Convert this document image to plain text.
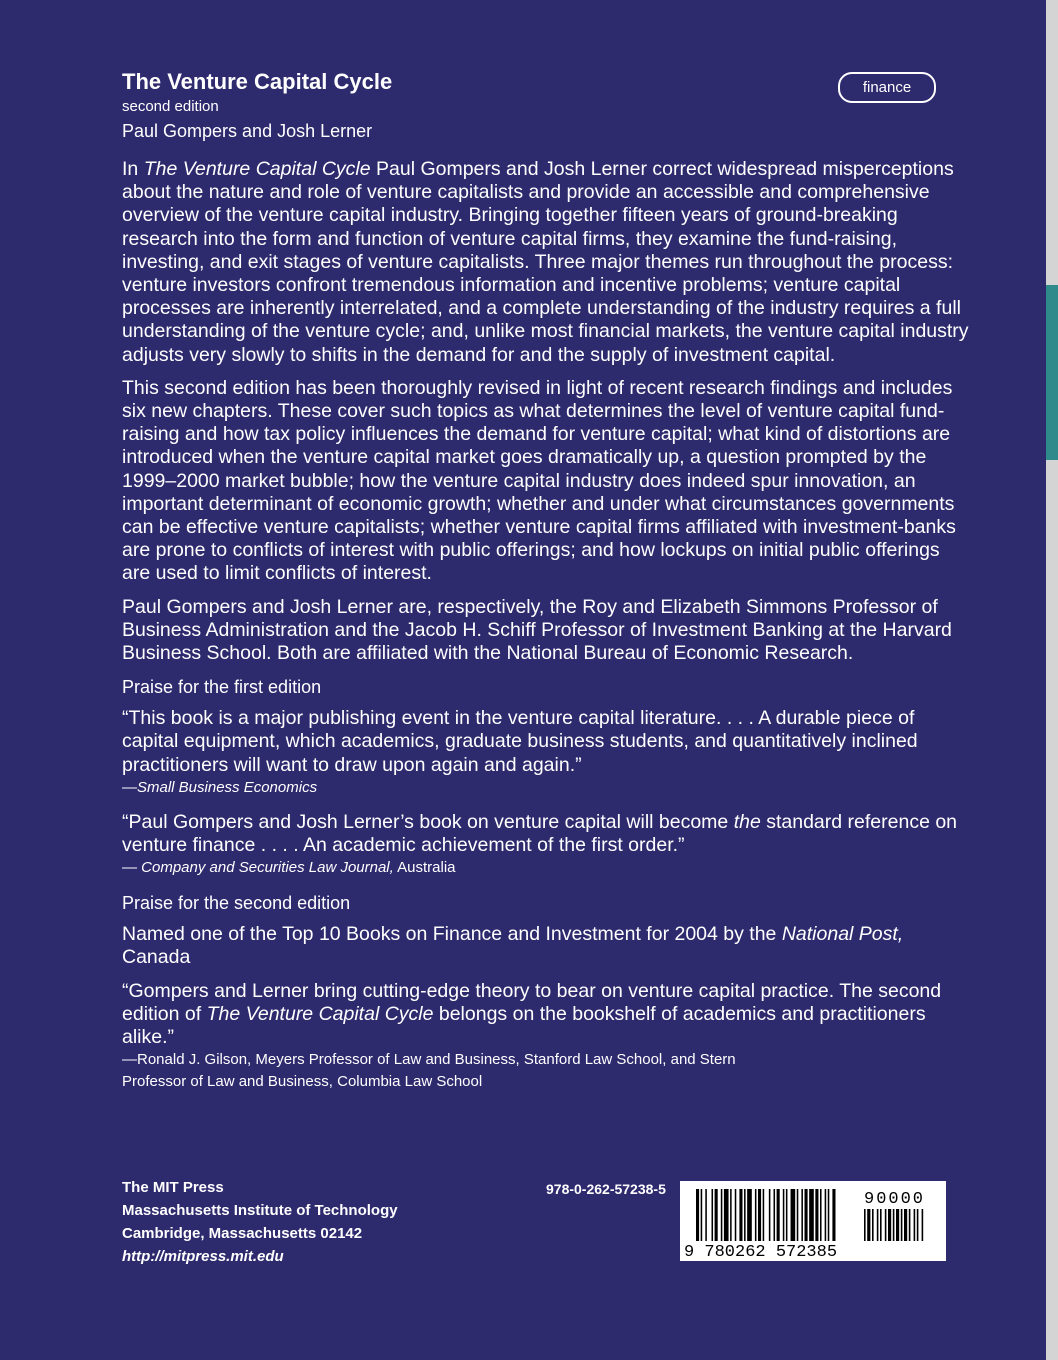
finance
The Venture Capital Cycle
second edition
Paul Gompers and Josh Lerner

In The Venture Capital Cycle Paul Gompers and Josh Lerner correct widespread misperceptions about the nature and role of venture capitalists and provide an accessible and comprehensive overview of the venture capital industry. Bringing together fifteen years of ground-breaking research into the form and function of venture capital firms, they examine the fund-raising, investing, and exit stages of venture capitalists. Three major themes run throughout the process: venture investors confront tremendous information and incentive problems; venture capital processes are inherently interrelated, and a complete understanding of the industry requires a full understanding of the venture cycle; and, unlike most financial markets, the venture capital industry adjusts very slowly to shifts in the demand for and the supply of investment capital.

This second edition has been thoroughly revised in light of recent research findings and includes six new chapters. These cover such topics as what determines the level of venture capital fund-raising and how tax policy influences the demand for venture capital; what kind of distortions are introduced when the venture capital market goes dramatically up, a question prompted by the 1999–2000 market bubble; how the venture capital industry does indeed spur innovation, an important determinant of economic growth; whether and under what circumstances governments can be effective venture capitalists; whether venture capital firms affiliated with investment-banks are prone to conflicts of interest with public offerings; and how lockups on initial public offerings are used to limit conflicts of interest.

Paul Gompers and Josh Lerner are, respectively, the Roy and Elizabeth Simmons Professor of Business Administration and the Jacob H. Schiff Professor of Investment Banking at the Harvard Business School. Both are affiliated with the National Bureau of Economic Research.

Praise for the first edition

“This book is a major publishing event in the venture capital literature. . . . A durable piece of capital equipment, which academics, graduate business students, and quantitatively inclined practitioners will want to draw upon again and again.”

—Small Business Economics

“Paul Gompers and Josh Lerner’s book on venture capital will become the standard reference on venture finance . . . . An academic achievement of the first order.”

— Company and Securities Law Journal, Australia

Praise for the second edition

Named one of the Top 10 Books on Finance and Investment for 2004 by the National Post, Canada

“Gompers and Lerner bring cutting-edge theory to bear on venture capital practice. The second edition of The Venture Capital Cycle belongs on the bookshelf of academics and practitioners alike.”

—Ronald J. Gilson, Meyers Professor of Law and Business, Stanford Law School, and Stern

Professor of Law and Business, Columbia Law School

The MIT Press
Massachusetts Institute of Technology
Cambridge, Massachusetts 02142
http://mitpress.mit.edu
978-0-262-57238-5
90000
9 780262 572385
